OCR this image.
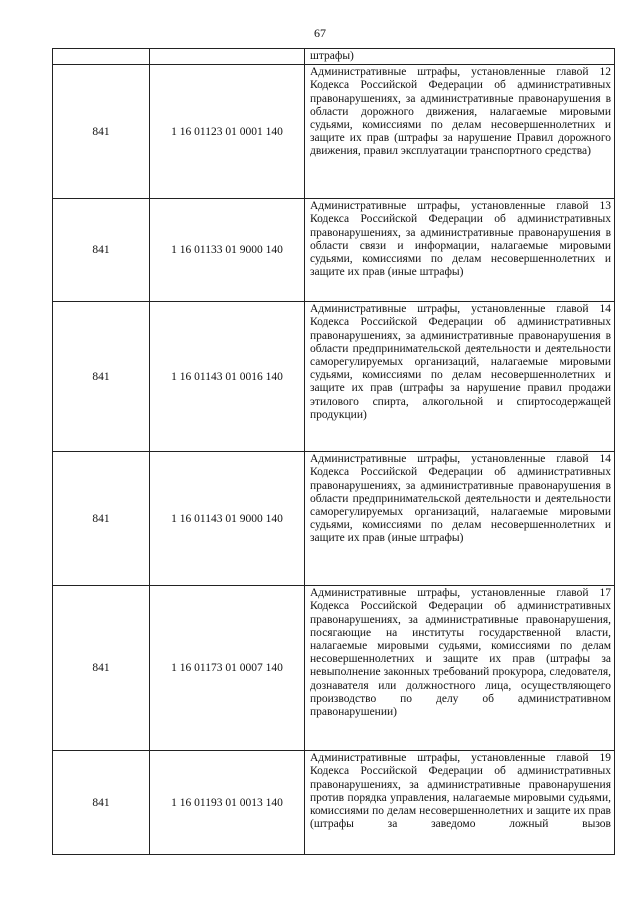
67
		штрафы)
841	1 16 01123 01 0001 140	Административные штрафы, установленные главой 12 Кодекса Российской Федерации об административных правонарушениях, за административные правонарушения в области дорожного движения, налагаемые мировыми судьями, комиссиями по делам несовершеннолетних и защите их прав (штрафы за нарушение Правил дорожного движения, правил эксплуатации транспортного средства)
841	1 16 01133 01 9000 140	Административные штрафы, установленные главой 13 Кодекса Российской Федерации об административных правонарушениях, за административные правонарушения в области связи и информации, налагаемые мировыми судьями, комиссиями по делам несовершеннолетних и защите их прав (иные штрафы)
841	1 16 01143 01 0016 140	Административные штрафы, установленные главой 14 Кодекса Российской Федерации об административных правонарушениях, за административные правонарушения в области предпринимательской деятельности и деятельности саморегулируемых организаций, налагаемые мировыми судьями, комиссиями по делам несовершеннолетних и защите их прав (штрафы за нарушение правил продажи этилового спирта, алкогольной и спиртосодержащей продукции)
841	1 16 01143 01 9000 140	Административные штрафы, установленные главой 14 Кодекса Российской Федерации об административных правонарушениях, за административные правонарушения в области предпринимательской деятельности и деятельности саморегулируемых организаций, налагаемые мировыми судьями, комиссиями по делам несовершеннолетних и защите их прав (иные штрафы)
841	1 16 01173 01 0007 140	Административные штрафы, установленные главой 17 Кодекса Российской Федерации об административных правонарушениях, за административные правонарушения, посягающие на институты государственной власти, налагаемые мировыми судьями, комиссиями по делам несовершеннолетних и защите их прав (штрафы за невыполнение законных требований прокурора, следователя, дознавателя или должностного лица, осуществляющего производство по делу об административном правонарушении)
841	1 16 01193 01 0013 140	Административные штрафы, установленные главой 19 Кодекса Российской Федерации об административных правонарушениях, за административные правонарушения против порядка управления, налагаемые мировыми судьями, комиссиями по делам несовершеннолетних и защите их прав (штрафы за заведомо ложный вызов
